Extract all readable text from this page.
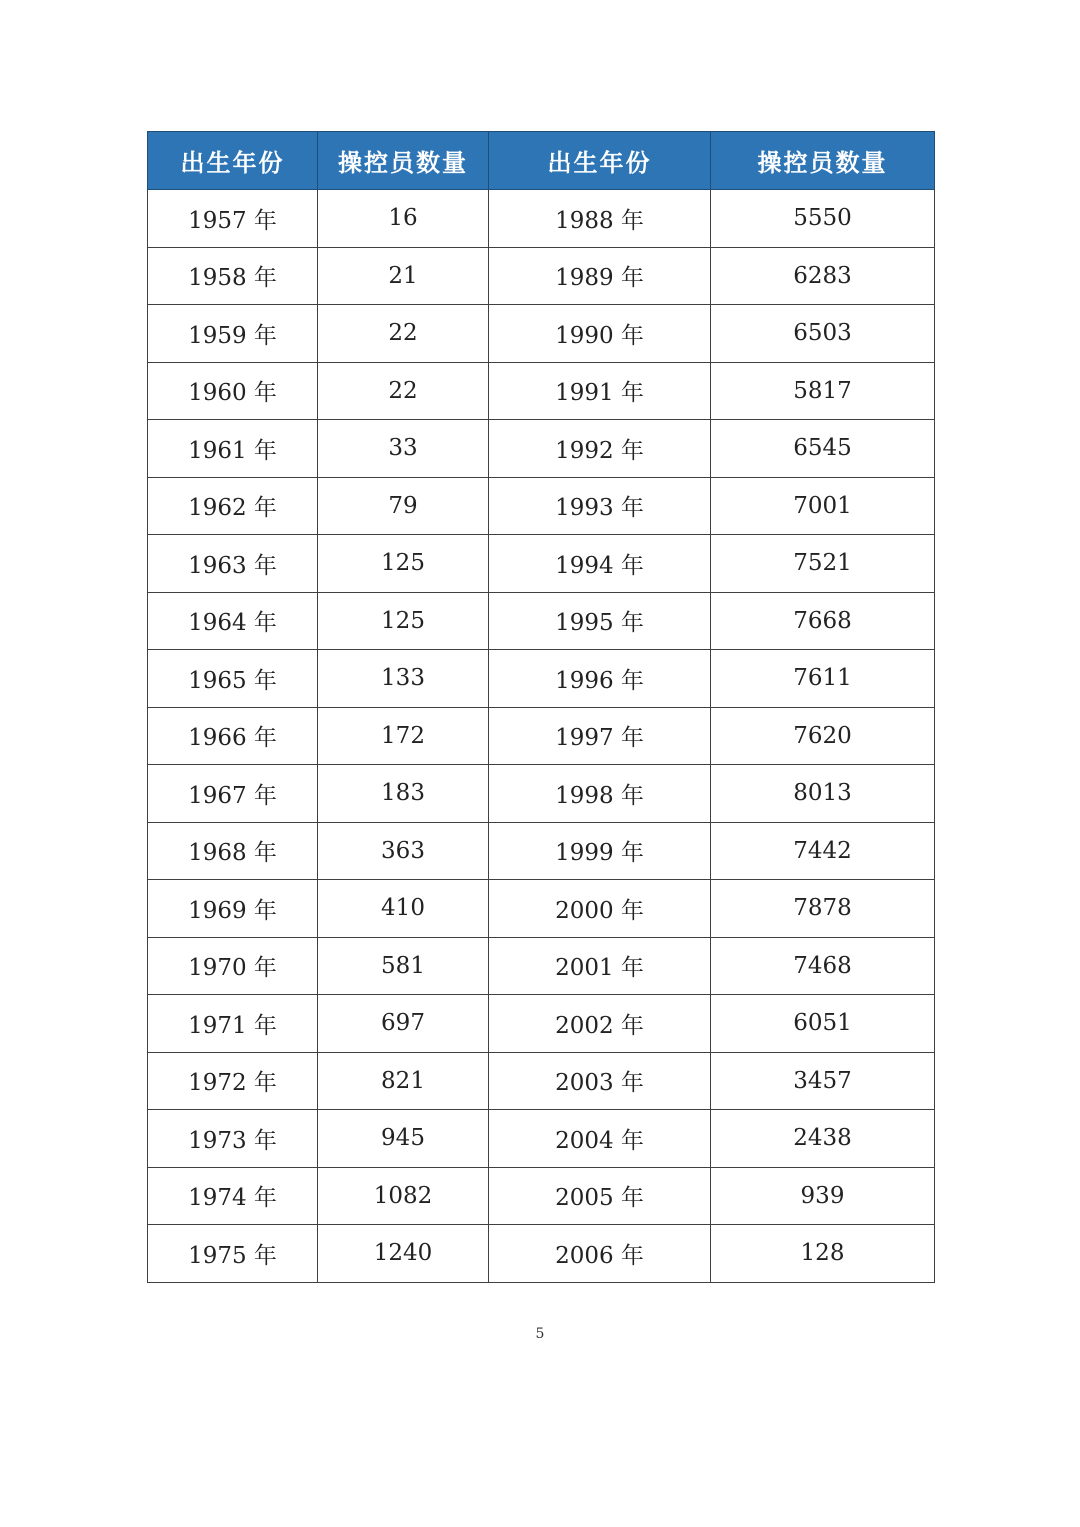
出生年份	操控员数量	出生年份	操控员数量
1957 年	16	1988 年	5550
1958 年	21	1989 年	6283
1959 年	22	1990 年	6503
1960 年	22	1991 年	5817
1961 年	33	1992 年	6545
1962 年	79	1993 年	7001
1963 年	125	1994 年	7521
1964 年	125	1995 年	7668
1965 年	133	1996 年	7611
1966 年	172	1997 年	7620
1967 年	183	1998 年	8013
1968 年	363	1999 年	7442
1969 年	410	2000 年	7878
1970 年	581	2001 年	7468
1971 年	697	2002 年	6051
1972 年	821	2003 年	3457
1973 年	945	2004 年	2438
1974 年	1082	2005 年	939
1975 年	1240	2006 年	128
5
